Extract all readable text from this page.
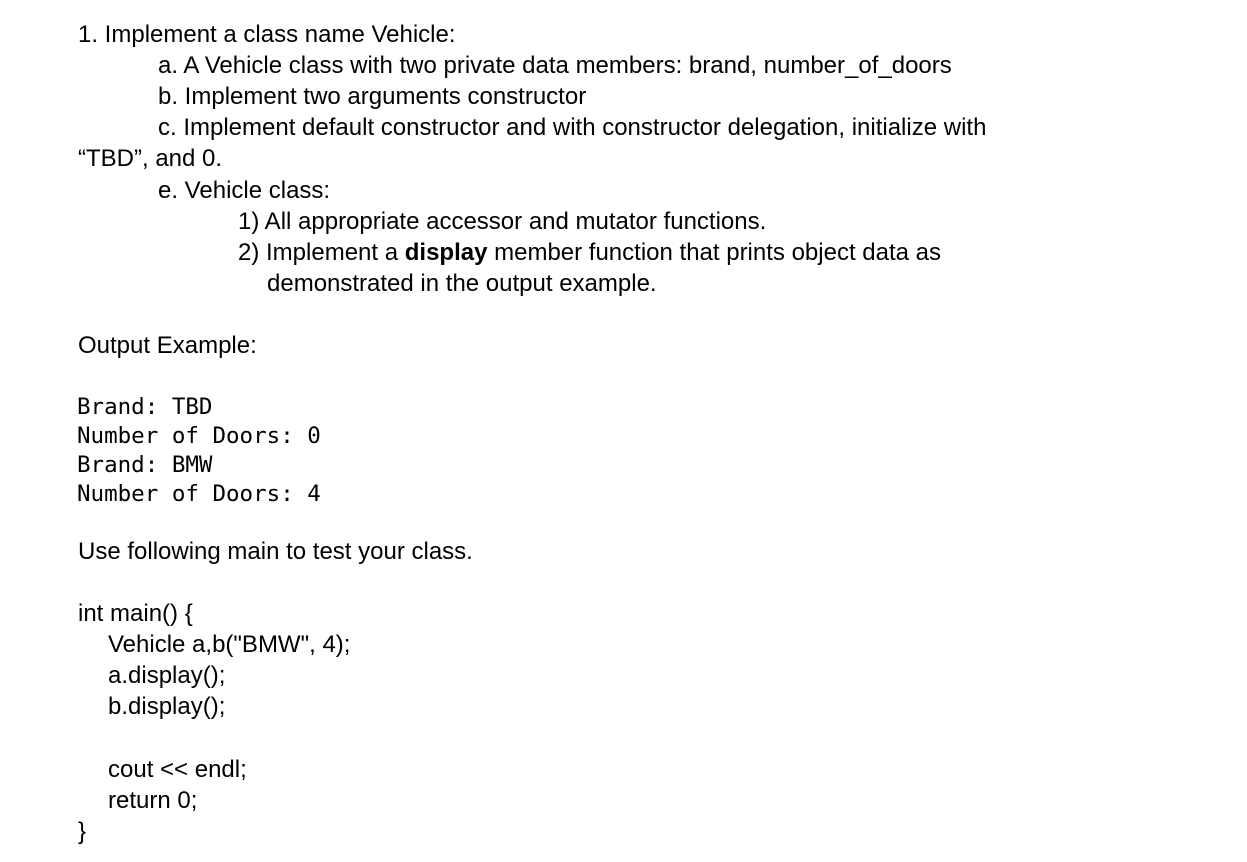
1. Implement a class name Vehicle:

a. A Vehicle class with two private data members: brand, number_of_doors

b. Implement two arguments constructor

c. Implement default constructor and with constructor delegation, initialize with

“TBD”, and 0.

e. Vehicle class:

1) All appropriate accessor and mutator functions.

2) Implement a display member function that prints object data as

demonstrated in the output example.

Output Example:

Brand: TBD

Number of Doors: 0

Brand: BMW

Number of Doors: 4

Use following main to test your class.

int main() {

Vehicle a,b("BMW", 4);

a.display();

b.display();

cout << endl;

return 0;

}
